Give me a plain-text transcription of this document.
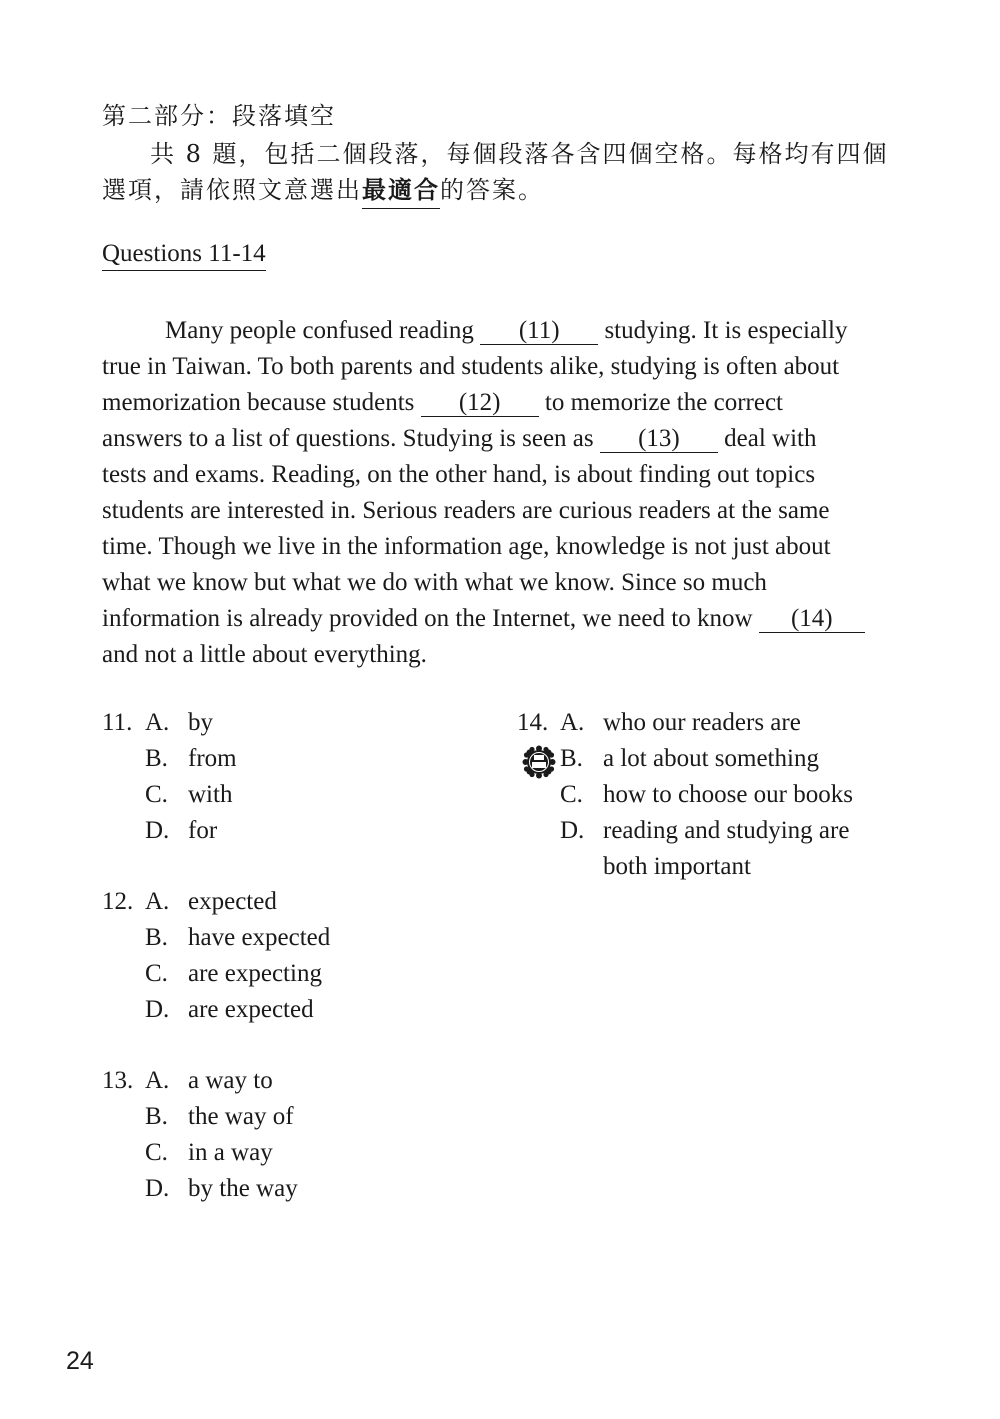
第二部分：段落填空
共 8 題，包括二個段落，每個段落各含四個空格。每格均有四個
選項，請依照文意選出最適合的答案。
Questions 11-14
Many people confused reading (11) studying. It is especially
true in Taiwan. To both parents and students alike, studying is often about
memorization because students (12) to memorize the correct
answers to a list of questions. Studying is seen as (13) deal with
tests and exams. Reading, on the other hand, is about finding out topics
students are interested in. Serious readers are curious readers at the same
time. Though we live in the information age, knowledge is not just about
what we know but what we do with what we know. Since so much
information is already provided on the Internet, we need to know (14)
and not a little about everything.
11. A. by
B. from
C. with
D. for
12. A. expected
B. have expected
C. are expecting
D. are expected
13. A. a way to
B. the way of
C. in a way
D. by the way
14. A. who our readers are
B. a lot about something
C. how to choose our books
D. reading and studying are
both important
24
